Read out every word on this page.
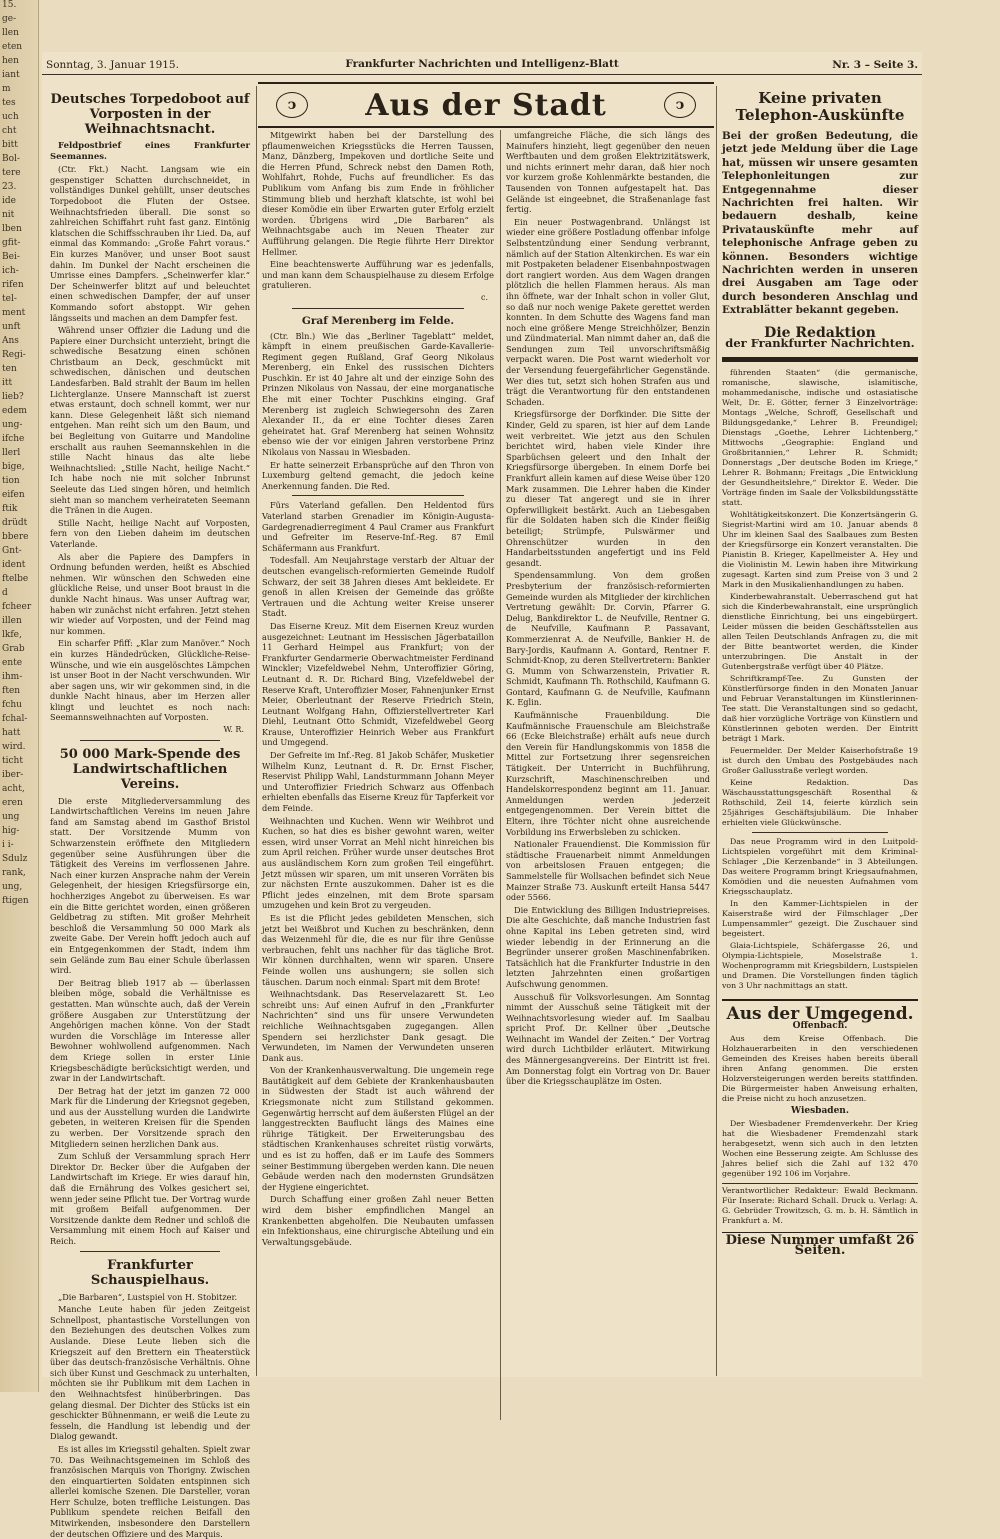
15.
ge-
llen
eten
hen
iant
m
tes
uch
cht
bitt
Bol-
tere
23.
ide
nit
lben
gfit-
Bei-
ich-
rifen
tel-
ment
unft
Ans
Regi-
ten
itt
lieb?
edem
ung-
ifche
llerl
bige,
tion
eifen
ftik
drüdt
bbere
Gnt-
ident
ftelbe
d
fcheer
illen
lkfe,
Grab
ente
ihm-
ften
fchu
fchal-
hatt
wird.
ticht
iber-
acht,
eren
ung
hig-
i i-
Sdulz
rank,
ung,
ftigen
Sonntag, 3. Januar 1915.	Frankfurter Nachrichten und Intelligenz-Blatt	Nr. 3 – Seite 3.
ↄ	Aus der Stadt	ↄ
Deutsches Torpedoboot auf Vorposten in der Weihnachtsnacht.
Feldpostbrief eines Frankfurter Seemannes.

(Ctr. Fkt.) Nacht. Langsam wie ein gespenstiger Schatten durchschneidet, in vollständiges Dunkel gehüllt, unser deutsches Torpedoboot die Fluten der Ostsee. Weihnachtsfrieden überall. Die sonst so zahlreichen Schiffahrt ruht fast ganz. Eintönig klatschen die Schiffsschrauben ihr Lied. Da, auf einmal das Kommando: „Große Fahrt voraus.“ Ein kurzes Manöver, und unser Boot saust dahin. Im Dunkel der Nacht erscheinen die Umrisse eines Dampfers. „Scheinwerfer klar.“ Der Scheinwerfer blitzt auf und beleuchtet einen schwedischen Dampfer, der auf unser Kommando sofort abstoppt. Wir gehen längsseits und machen an dem Dampfer fest.

Während unser Offizier die Ladung und die Papiere einer Durchsicht unterzieht, bringt die schwedische Besatzung einen schönen Christbaum an Deck, geschmückt mit schwedischen, dänischen und deutschen Landesfarben. Bald strahlt der Baum im hellen Lichterglanze. Unsere Mannschaft ist zuerst etwas erstaunt, doch schnell kommt, wer nur kann. Diese Gelegenheit läßt sich niemand entgehen. Man reiht sich um den Baum, und bei Begleitung von Guitarre und Mandoline erschallt aus rauhen Seemannskehlen in die stille Nacht hinaus das alte liebe Weihnachtslied: „Stille Nacht, heilige Nacht.“ Ich habe noch nie mit solcher Inbrunst Seeleute das Lied singen hören, und heimlich sieht man so manchem verheirateten Seemann die Tränen in die Augen.

Stille Nacht, heilige Nacht auf Vorposten, fern von den Lieben daheim im deutschen Vaterlande.

Als aber die Papiere des Dampfers in Ordnung befunden werden, heißt es Abschied nehmen. Wir wünschen den Schweden eine glückliche Reise, und unser Boot braust in die dunkle Nacht hinaus. Was unser Auftrag war, haben wir zunächst nicht erfahren. Jetzt stehen wir wieder auf Vorposten, und der Feind mag nur kommen.

Ein scharfer Pfiff: „Klar zum Manöver.“ Noch ein kurzes Händedrücken, Glückliche-Reise-Wünsche, und wie ein ausgelöschtes Lämpchen ist unser Boot in der Nacht verschwunden. Wir aber sagen uns, wir wir gekommen sind, in die dunkle Nacht hinaus, aber im Herzen aller klingt und leuchtet es noch nach: Seemannsweihnachten auf Vorposten.

W. R.
50 000 Mark-Spende des Landwirtschaftlichen Vereins.

Die erste Mitgliederversammlung des Landwirtschaftlichen Vereins im neuen Jahre fand am Samstag abend im Gasthof Bristol statt. Der Vorsitzende Mumm von Schwarzenstein eröffnete den Mitgliedern gegenüber seine Ausführungen über die Tätigkeit des Vereins im verflossenen Jahre. Nach einer kurzen Ansprache nahm der Verein Gelegenheit, der hiesigen Kriegsfürsorge ein, hochherziges Angebot zu überweisen. Es war ein die Bitte gerichtet worden, einen größeren Geldbetrag zu stiften. Mit großer Mehrheit beschloß die Versammlung 50 000 Mark als zweite Gabe. Der Verein hofft jedoch auch auf ein Entgegenkommen der Stadt, indem ihm sein Gelände zum Bau einer Schule überlassen wird.

Der Beitrag blieb 1917 ab — überlassen bleiben möge, sobald die Verhältnisse es gestatten. Man wünschte auch, daß der Verein größere Ausgaben zur Unterstützung der Angehörigen machen könne. Von der Stadt wurden die Vorschläge im Interesse aller Bewohner wohlwollend aufgenommen. Nach dem Kriege sollen in erster Linie Kriegsbeschädigte berücksichtigt werden, und zwar in der Landwirtschaft.

Der Betrag hat der jetzt im ganzen 72 000 Mark für die Linderung der Kriegsnot gegeben, und aus der Ausstellung wurden die Landwirte gebeten, in weiteren Kreisen für die Spenden zu werben. Der Vorsitzende sprach den Mitgliedern seinen herzlichen Dank aus.

Zum Schluß der Versammlung sprach Herr Direktor Dr. Becker über die Aufgaben der Landwirtschaft im Kriege. Er wies darauf hin, daß die Ernährung des Volkes gesichert sei, wenn jeder seine Pflicht tue. Der Vortrag wurde mit großem Beifall aufgenommen. Der Vorsitzende dankte dem Redner und schloß die Versammlung mit einem Hoch auf Kaiser und Reich.

Frankfurter Schauspielhaus.

„Die Barbaren“, Lustspiel von H. Stobitzer.

Manche Leute haben für jeden Zeitgeist Schnellpost, phantastische Vorstellungen von den Beziehungen des deutschen Volkes zum Auslande. Diese Leute lieben sich die Kriegszeit auf den Brettern ein Theaterstück über das deutsch-französische Verhältnis. Ohne sich über Kunst und Geschmack zu unterhalten, möchten sie ihr Publikum mit dem Lachen in den Weihnachtsfest hinüberbringen. Das gelang diesmal. Der Dichter des Stücks ist ein geschickter Bühnenmann, er weiß die Leute zu fesseln, die Handlung ist lebendig und der Dialog gewandt.

Es ist alles im Kriegsstil gehalten. Spielt zwar 70. Das Weihnachtsgemeinen im Schloß des französischen Marquis von Thorigny. Zwischen den einquartierten Soldaten entspinnen sich allerlei komische Szenen. Die Darsteller, voran Herr Schulze, boten treffliche Leistungen. Das Publikum spendete reichen Beifall den Mitwirkenden, insbesondere den Darstellern der deutschen Offiziere und des Marquis.

Mitgewirkt haben bei der Darstellung des pflaumenweichen Kriegsstücks die Herren Taussen, Manz, Dänzberg, Impekoven und dortliche Seite und die Herren Pfund, Schreck nebst den Damen Roth, Wohlfahrt, Rohde, Fuchs auf freundlicher. Es das Publikum vom Anfang bis zum Ende in fröhlicher Stimmung blieb und herzhaft klatschte, ist wohl bei dieser Komödie ein über Erwarten guter Erfolg erzielt worden. Übrigens wird „Die Barbaren“ als Weihnachtsgabe auch im Neuen Theater zur Aufführung gelangen. Die Regie führte Herr Direktor Hellmer.

Eine beachtenswerte Aufführung war es jedenfalls, und man kann dem Schauspielhause zu diesem Erfolge gratulieren.

c.
Graf Merenberg im Felde.

(Ctr. Bln.) Wie das „Berliner Tageblatt“ meldet, kämpft in einem preußischen Garde-Kavallerie-Regiment gegen Rußland, Graf Georg Nikolaus Merenberg, ein Enkel des russischen Dichters Puschkin. Er ist 40 Jahre alt und der einzige Sohn des Prinzen Nikolaus von Nassau, der eine morganatische Ehe mit einer Tochter Puschkins einging. Graf Merenberg ist zugleich Schwiegersohn des Zaren Alexander II., da er eine Tochter dieses Zaren geheiratet hat. Graf Merenberg hat seinen Wohnsitz ebenso wie der vor einigen Jahren verstorbene Prinz Nikolaus von Nassau in Wiesbaden.

Er hatte seinerzeit Erbansprüche auf den Thron von Luxemburg geltend gemacht, die jedoch keine Anerkennung fanden. Die Red.

Fürs Vaterland gefallen. Den Heldentod fürs Vaterland starben Grenadier im Königin-Augusta-Gardegrenadierregiment 4 Paul Cramer aus Frankfurt und Gefreiter im Reserve-Inf.-Reg. 87 Emil Schäfermann aus Frankfurt.

Todesfall. Am Neujahrstage verstarb der Altuar der deutschen evangelisch-reformierten Gemeinde Rudolf Schwarz, der seit 38 Jahren dieses Amt bekleidete. Er genoß in allen Kreisen der Gemeinde das größte Vertrauen und die Achtung weiter Kreise unserer Stadt.

Das Eiserne Kreuz. Mit dem Eisernen Kreuz wurden ausgezeichnet: Leutnant im Hessischen Jägerbataillon 11 Gerhard Heimpel aus Frankfurt; von der Frankfurter Gendarmerie Oberwachtmeister Ferdinand Winckler; Vizefeldwebel Nehm, Unteroffizier Göring, Leutnant d. R. Dr. Richard Bing, Vizefeldwebel der Reserve Kraft, Unteroffizier Moser, Fahnenjunker Ernst Meier, Oberleutnant der Reserve Friedrich Stein, Leutnant Wolfgang Hahn, Offizierstellvertreter Karl Diehl, Leutnant Otto Schmidt, Vizefeldwebel Georg Krause, Unteroffizier Heinrich Weber aus Frankfurt und Umgegend.

Der Gefreite im Inf.-Reg. 81 Jakob Schäfer, Musketier Wilhelm Kunz, Leutnant d. R. Dr. Ernst Fischer, Reservist Philipp Wahl, Landsturmmann Johann Meyer und Unteroffizier Friedrich Schwarz aus Offenbach erhielten ebenfalls das Eiserne Kreuz für Tapferkeit vor dem Feinde.

Weihnachten und Kuchen. Wenn wir Weihbrot und Kuchen, so hat dies es bisher gewohnt waren, weiter essen, wird unser Vorrat an Mehl nicht hinreichen bis zum April reichen. Früher wurde unser deutsches Brot aus ausländischem Korn zum großen Teil eingeführt. Jetzt müssen wir sparen, um mit unseren Vorräten bis zur nächsten Ernte auszukommen. Daher ist es die Pflicht jedes einzelnen, mit dem Brote sparsam umzugehen und kein Brot zu vergeuden.

Es ist die Pflicht jedes gebildeten Menschen, sich jetzt bei Weißbrot und Kuchen zu beschränken, denn das Weizenmehl für die, die es nur für ihre Genüsse verbrauchen, fehlt uns nachher für das tägliche Brot. Wir können durchhalten, wenn wir sparen. Unsere Feinde wollen uns aushungern; sie sollen sich täuschen. Darum noch einmal: Spart mit dem Brote!

Weihnachtsdank. Das Reservelazarett St. Leo schreibt uns: Auf einen Aufruf in den „Frankfurter Nachrichten“ sind uns für unsere Verwundeten reichliche Weihnachtsgaben zugegangen. Allen Spendern sei herzlichster Dank gesagt. Die Verwundeten, im Namen der Verwundeten unseren Dank aus.

Von der Krankenhausverwaltung. Die ungemein rege Bautätigkeit auf dem Gebiete der Krankenhausbauten in Südwesten der Stadt ist auch während der Kriegsmonate nicht zum Stillstand gekommen. Gegenwärtig herrscht auf dem äußersten Flügel an der langgestreckten Bauflucht längs des Maines eine rührige Tätigkeit. Der Erweiterungsbau des städtischen Krankenhauses schreitet rüstig vorwärts, und es ist zu hoffen, daß er im Laufe des Sommers seiner Bestimmung übergeben werden kann. Die neuen Gebäude werden nach den modernsten Grundsätzen der Hygiene eingerichtet.

Durch Schaffung einer großen Zahl neuer Betten wird dem bisher empfindlichen Mangel an Krankenbetten abgeholfen. Die Neubauten umfassen ein Infektionshaus, eine chirurgische Abteilung und ein Verwaltungsgebäude.

umfangreiche Fläche, die sich längs des Mainufers hinzieht, liegt gegenüber den neuen Werftbauten und dem großen Elektrizitätswerk, und nichts erinnert mehr daran, daß hier noch vor kurzem große Kohlenmärkte bestanden, die Tausenden von Tonnen aufgestapelt hat. Das Gelände ist eingeebnet, die Straßenanlage fast fertig.

Ein neuer Postwagenbrand. Unlängst ist wieder eine größere Postladung offenbar infolge Selbstentzündung einer Sendung verbrannt, nämlich auf der Station Altenkirchen. Es war ein mit Postpaketen beladener Eisenbahnpostwagen dort rangiert worden. Aus dem Wagen drangen plötzlich die hellen Flammen heraus. Als man ihn öffnete, war der Inhalt schon in voller Glut, so daß nur noch wenige Pakete gerettet werden konnten. In dem Schutte des Wagens fand man noch eine größere Menge Streichhölzer, Benzin und Zündmaterial. Man nimmt daher an, daß die Sendungen zum Teil unvorschriftsmäßig verpackt waren. Die Post warnt wiederholt vor der Versendung feuergefährlicher Gegenstände. Wer dies tut, setzt sich hohen Strafen aus und trägt die Verantwortung für den entstandenen Schaden.

Kriegsfürsorge der Dorfkinder. Die Sitte der Kinder, Geld zu sparen, ist hier auf dem Lande weit verbreitet. Wie jetzt aus den Schulen berichtet wird, haben viele Kinder ihre Sparbüchsen geleert und den Inhalt der Kriegsfürsorge übergeben. In einem Dorfe bei Frankfurt allein kamen auf diese Weise über 120 Mark zusammen. Die Lehrer haben die Kinder zu dieser Tat angeregt und sie in ihrer Opferwilligkeit bestärkt. Auch an Liebesgaben für die Soldaten haben sich die Kinder fleißig beteiligt; Strümpfe, Pulswärmer und Ohrenschützer wurden in den Handarbeitsstunden angefertigt und ins Feld gesandt.

Spendensammlung. Von dem großen Presbyterium der französisch-reformierten Gemeinde wurden als Mitglieder der kirchlichen Vertretung gewählt: Dr. Corvin, Pfarrer G. Delug, Bankdirektor L. de Neufville, Rentner G. de Neufville, Kaufmann P. Passavant, Kommerzienrat A. de Neufville, Bankier H. de Bary-Jordis, Kaufmann A. Gontard, Rentner F. Schmidt-Knop, zu deren Stellvertretern: Bankier G. Mumm von Schwarzenstein, Privatier R. Schmidt, Kaufmann Th. Rothschild, Kaufmann G. Gontard, Kaufmann G. de Neufville, Kaufmann K. Eglin.

Kaufmännische Frauenbildung. Die Kaufmännische Frauenschule am Bleichstraße 66 (Ecke Bleichstraße) erhält aufs neue durch den Verein für Handlungskommis von 1858 die Mittel zur Fortsetzung ihrer segensreichen Tätigkeit. Der Unterricht in Buchführung, Kurzschrift, Maschinenschreiben und Handelskorrespondenz beginnt am 11. Januar. Anmeldungen werden jederzeit entgegengenommen. Der Verein bittet die Eltern, ihre Töchter nicht ohne ausreichende Vorbildung ins Erwerbsleben zu schicken.

Nationaler Frauendienst. Die Kommission für städtische Frauenarbeit nimmt Anmeldungen von arbeitslosen Frauen entgegen; die Sammelstelle für Wollsachen befindet sich Neue Mainzer Straße 73. Auskunft erteilt Hansa 5447 oder 5566.

Die Entwicklung des Billigen Industriepreises. Die alte Geschichte, daß manche Industrien fast ohne Kapital ins Leben getreten sind, wird wieder lebendig in der Erinnerung an die Begründer unserer großen Maschinenfabriken. Tatsächlich hat die Frankfurter Industrie in den letzten Jahrzehnten einen großartigen Aufschwung genommen.

Ausschuß für Volksvorlesungen. Am Sonntag nimmt der Ausschuß seine Tätigkeit mit der Weihnachtsvorlesung wieder auf. Im Saalbau spricht Prof. Dr. Kellner über „Deutsche Weihnacht im Wandel der Zeiten.“ Der Vortrag wird durch Lichtbilder erläutert. Mitwirkung des Männergesangvereins. Der Eintritt ist frei. Am Donnerstag folgt ein Vortrag von Dr. Bauer über die Kriegsschauplätze im Osten.

Keine privaten Telephon-Auskünfte
Bei der großen Bedeutung, die jetzt jede Meldung über die Lage hat, müssen wir unsere gesamten Telephonleitungen zur Entgegennahme dieser Nachrichten frei halten. Wir bedauern deshalb, keine Privatauskünfte mehr auf telephonische Anfrage geben zu können. Besonders wichtige Nachrichten werden in unseren drei Ausgaben am Tage oder durch besonderen Anschlag und Extrablätter bekannt gegeben.
Die Redaktion
der Frankfurter Nachrichten.

führenden Staaten“ (die germanische, romanische, slawische, islamitische, mohammedanische, indische und ostasiatische Welt, Dr. E. Götter, ferner 3 Einzelvorträge: Montags „Welche, Schroff, Gesellschaft und Bildungsgedanke,“ Lehrer B. Freundigel; Dienstags „Goethe, Lehrer Lichtenberg,“ Mittwochs „Geographie: England und Großbritannien,“ Lehrer R. Schmidt; Donnerstags „Der deutsche Boden im Kriege,“ Lehrer R. Bohmann; Freitags „Die Entwicklung der Gesundheitslehre,“ Direktor E. Weder. Die Vorträge finden im Saale der Volksbildungsstätte statt.

Wohltätigkeitskonzert. Die Konzertsängerin G. Siegrist-Martini wird am 10. Januar abends 8 Uhr im kleinen Saal des Saalbaues zum Besten der Kriegsfürsorge ein Konzert veranstalten. Die Pianistin B. Krieger, Kapellmeister A. Hey und die Violinistin M. Lewin haben ihre Mitwirkung zugesagt. Karten sind zum Preise von 3 und 2 Mark in den Musikalienhandlungen zu haben.

Kinderbewahranstalt. Ueberraschend gut hat sich die Kinderbewahranstalt, eine ursprünglich dienstliche Einrichtung, bei uns eingebürgert. Leider müssen die beiden Geschäftsstellen aus allen Teilen Deutschlands Anfragen zu, die mit der Bitte beantwortet werden, die Kinder unterzubringen. Die Anstalt in der Gutenbergstraße verfügt über 40 Plätze.

Schriftkrampf-Tee. Zu Gunsten der Künstlerfürsorge finden in den Monaten Januar und Februar Veranstaltungen im Künstlerinnen-Tee statt. Die Veranstaltungen sind so gedacht, daß hier vorzügliche Vorträge von Künstlern und Künstlerinnen geboten werden. Der Eintritt beträgt 1 Mark.

Feuermelder. Der Melder Kaiserhofstraße 19 ist durch den Umbau des Postgebäudes nach Großer Gallusstraße verlegt worden.

Keine Redaktion. Das Wäschausstattungsgeschäft Rosenthal & Rothschild, Zeil 14, feierte kürzlich sein 25jähriges Geschäftsjubiläum. Die Inhaber erhielten viele Glückwünsche.

Das neue Programm wird in den Luitpold-Lichtspielen vorgeführt mit dem Kriminal-Schlager „Die Kerzenbande“ in 3 Abteilungen. Das weitere Programm bringt Kriegsaufnahmen, Komödien und die neuesten Aufnahmen vom Kriegsschauplatz.

In den Kammer-Lichtspielen in der Kaiserstraße wird der Filmschlager „Der Lumpensammler“ gezeigt. Die Zuschauer sind begeistert.

Glaia-Lichtspiele, Schäfergasse 26, und Olympia-Lichtspiele, Moselstraße 1. Wochenprogramm mit Kriegsbildern, Lustspielen und Dramen. Die Vorstellungen finden täglich von 3 Uhr nachmittags an statt.

Aus der Umgegend.
Offenbach.

Aus dem Kreise Offenbach. Die Holzhauerarbeiten in den verschiedenen Gemeinden des Kreises haben bereits überall ihren Anfang genommen. Die ersten Holzversteigerungen werden bereits stattfinden. Die Bürgermeister haben Anweisung erhalten, die Preise nicht zu hoch anzusetzen.

Wiesbaden.

Der Wiesbadener Fremdenverkehr. Der Krieg hat die Wiesbadener Fremdenzahl stark herabgesetzt, wenn sich auch in den letzten Wochen eine Besserung zeigte. Am Schlusse des Jahres belief sich die Zahl auf 132 470 gegenüber 192 106 im Vorjahre.

Verantwortlicher Redakteur: Ewald Beckmann. Für Inserate: Richard Schall. Druck u. Verlag: A. G. Gebrüder Trowitzsch, G. m. b. H. Sämtlich in Frankfurt a. M.
Diese Nummer umfaßt 26 Seiten.
